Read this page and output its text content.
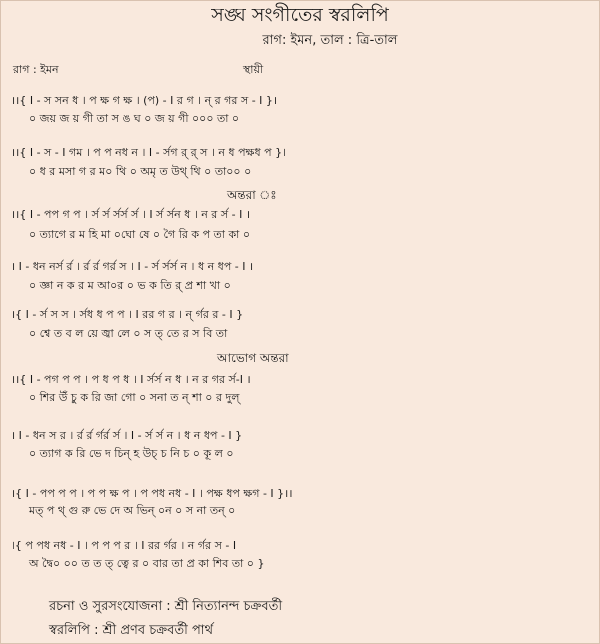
সঙ্ঘ সংগীতের স্বরলিপি
রাগ: ইমন, তাল : ত্রি-তাল
রাগ : ইমন	স্থায়ী
।।{ I - স সন ধ । প ক্ষ গ ক্ষ । (প) - I র গ । ন্ র গর স - I }।
০ জয় জ য় গী তা স ঙ ঘ ০ জ য় গী ০০০ তা ০
।।{ I - স - I গম । প প নধ ন । I - র্সগ র্ র্ স । ন ধ পক্ষধ প }।
০ ধ র মসা গ র ম০ থি ০ অমৃ ত উথ্ থি ০ তা০০ ০
অন্তরা ঃ
।।{ I - পপ গ প । র্স র্স র্সর্স র্স । I র্স র্সন ধ । ন র র্স - I ।
০ ত্যাগে র ম হি মা ০ঘো ষে ০ গৈ রি ক প তা কা ০
। I - ধন নর্স র্র । র্র র্র গর্র স । I - র্স র্সর্স ন । ধ ন ধপ - I ।
০ জ্ঞা ন ক র ম আ০র ০ ভ ক তি র্ প্র শা খা ০
।{ I - র্স স স । র্সধ ধ প প । I রর গ র । ন্ র্গর র - I }
০ শ্বে ত ব ল য়ে জ্বা লে ০ স ত্ তে র স বি তা
আভোগ অন্তরা
।।{ I - পগ প প । প ধ প ধ । I র্সর্স ন ধ । ন র গর র্স-I ।
০ শির উঁ চু ক রি জা গো ০ সনা ত ন্ শা ০ র দুল্
। I - ধন স র । র্র র্র র্গর্র র্স । I - র্স র্স ন । ধ ন ধপ - I }
০ ত্যাগ ক রি ভে দ চিন্ হ উচ্ চ নি চ ০ কূ ল ০
।{ I - পপ প প । প প ক্ষ প । প পধ নধ - I । পক্ষ ধপ ক্ষগ - I }।।
মত্ প থ্ গু রু ভে দে অ ভিন্ ০ন ০ স না তন্ ০
।{ প পধ নধ - I । প প প র । I রর র্গর । ন র্গর স - I
অ দ্বৈ০ ০০ ত ত ত্ ত্বে র ০ বার তা প্র কা শিব তা ০ }
রচনা ও সুরসংযোজনা : শ্রী নিত্যানন্দ চক্রবর্তী
স্বরলিপি : শ্রী প্রণব চক্রবর্তী পার্থ
